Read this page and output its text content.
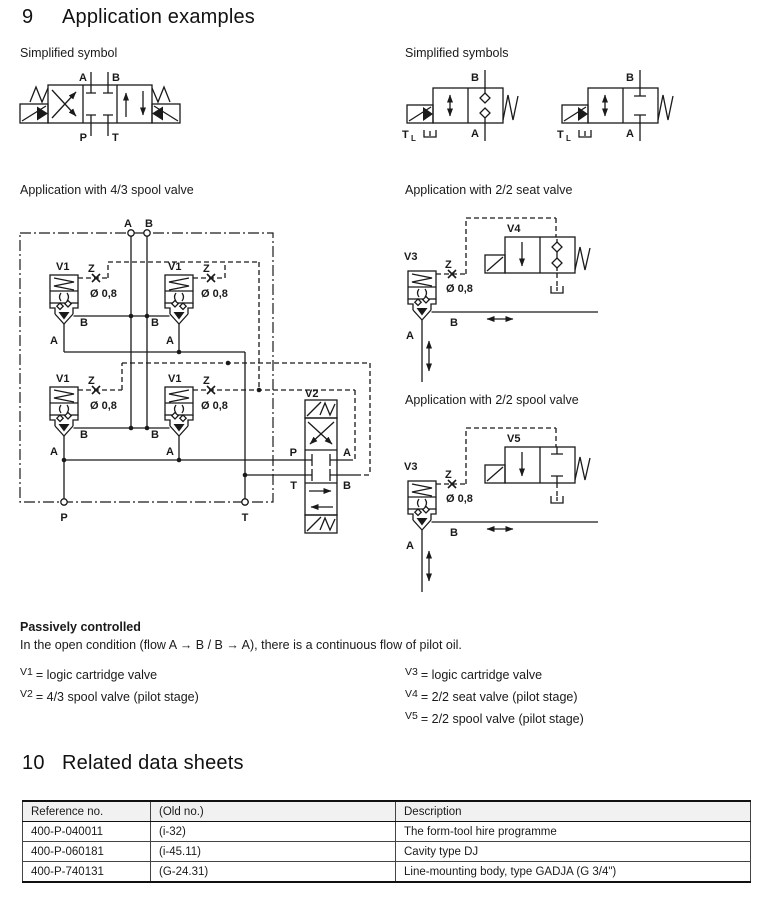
A B
P T
B
A
T L
B
A
T L
A B
P	T
V1	V1
V1	V1
Z	Z
Z	Z
Ø 0,8	Ø 0,8
Ø 0,8	Ø 0,8
B	B
B	B
A	A
A	A
V2
P	A
T	B
V3
Z
Ø 0,8
A
B
V4
V3
Z
Ø 0,8
A
B
V5
9	Application examples
Simplified symbol	Simplified symbols
Application with 4/3 spool valve	Application with 2/2 seat valve
Application with 2/2 spool valve
Passively controlled
In the open condition (flow A → B / B → A), there is a continuous flow of pilot oil.
$^{V1}$ = logic cartridge valve
$^{V2}$ = 4/3 spool valve (pilot stage)
$^{V3}$ = logic cartridge valve
$^{V4}$ = 2/2 seat valve (pilot stage)
$^{V5}$ = 2/2 spool valve (pilot stage)
10 Related data sheets
Reference no.	(Old no.)	Description
400-P-040011	(i-32)	The form-tool hire programme
400-P-060181	(i-45.11)	Cavity type DJ
400-P-740131	(G-24.31)	Line-mounting body, type GADJA (G 3/4")
